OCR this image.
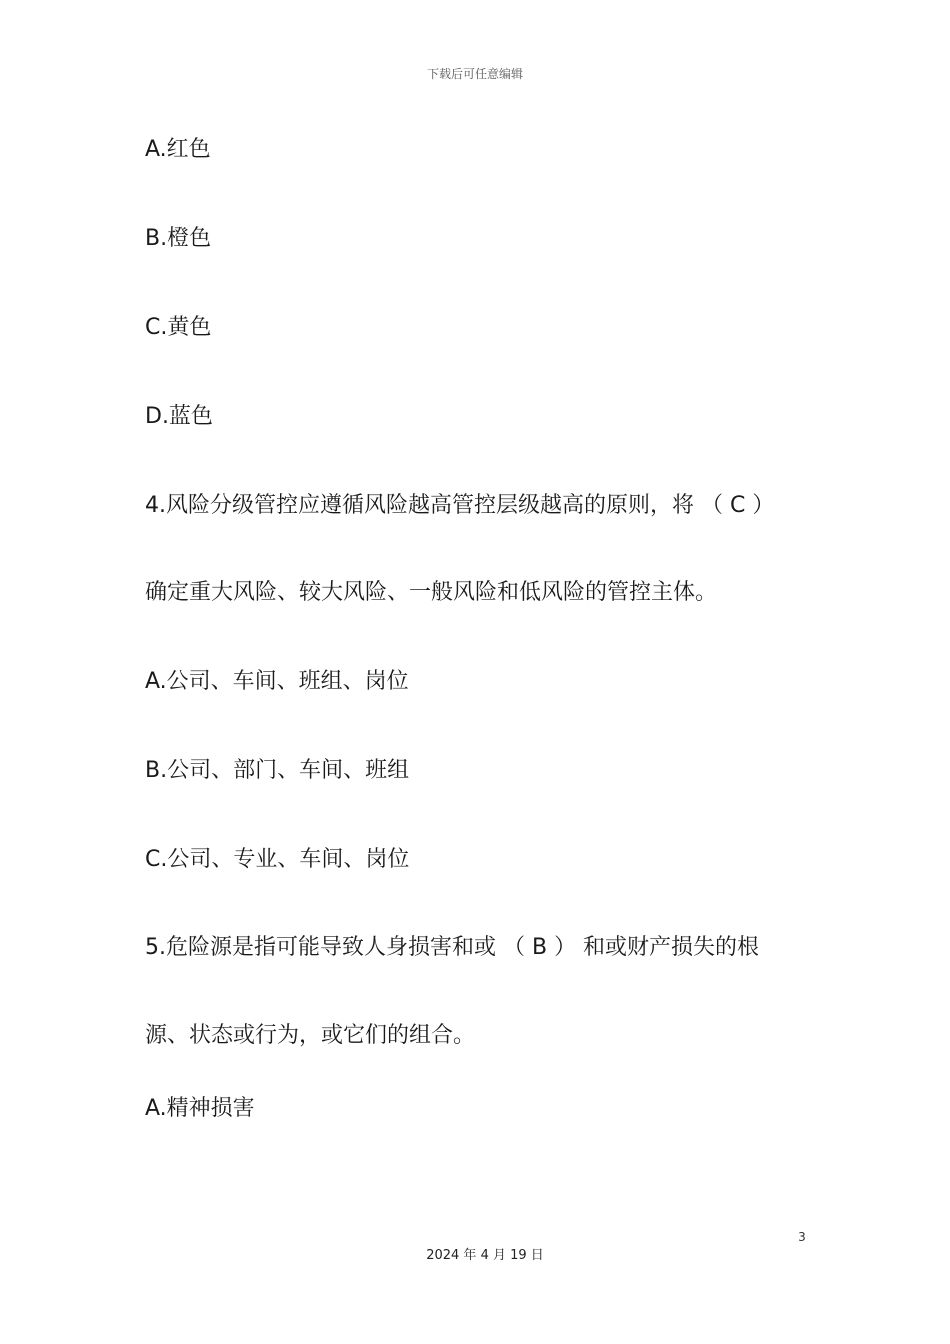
下载后可任意编辑
A.红色
B.橙色
C.黄色
D.蓝色
4.风险分级管控应遵循风险越高管控层级越高的原则，将 （ C ）
确定重大风险、较大风险、一般风险和低风险的管控主体。
A.公司、车间、班组、岗位
B.公司、部门、车间、班组
C.公司、专业、车间、岗位
5.危险源是指可能导致人身损害和或 （ B ） 和或财产损失的根
源、状态或行为，或它们的组合。
A.精神损害
3
2024 年 4 月 19 日
